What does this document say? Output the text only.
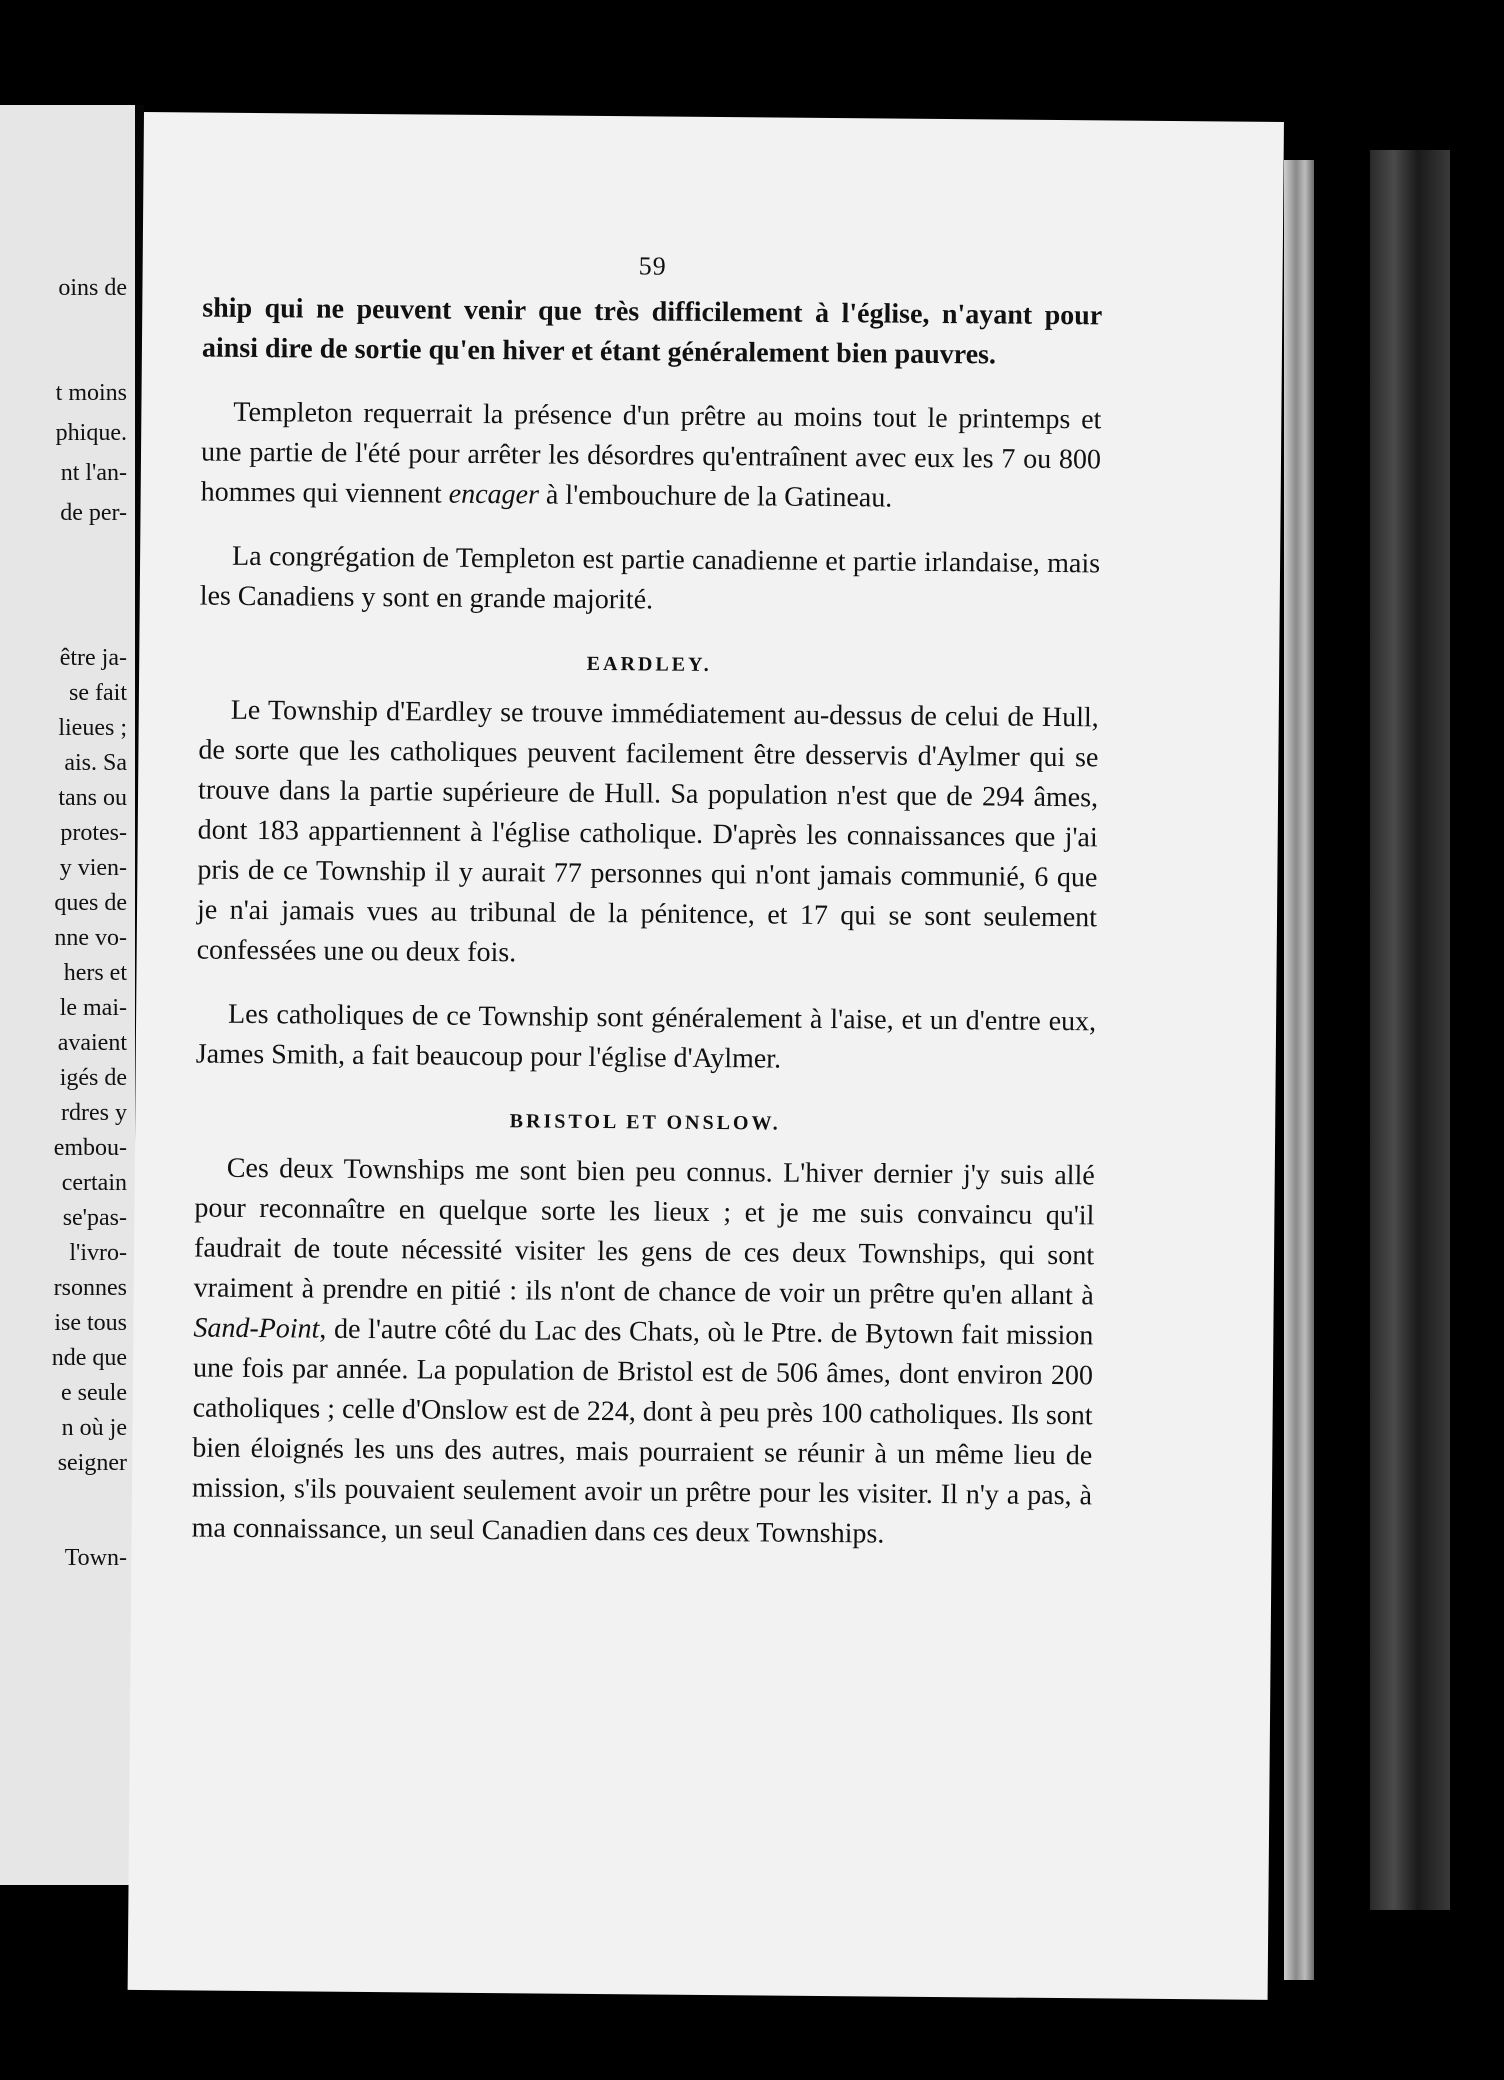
oins de
t moins
phique.
nt l'an-
de per-
être ja-
se fait
lieues ;
ais. Sa
tans ou
protes-
y vien-
ques de
nne vo-
hers et
le mai-
avaient
igés de
rdres y
embou-
certain
se'pas-
l'ivro-
rsonnes
ise tous
nde que
e seule
n où je
seigner
Town-
59

ship qui ne peuvent venir que très difficilement à l'église, n'ayant pour ainsi dire de sortie qu'en hiver et étant généralement bien pauvres.

Templeton requerrait la présence d'un prêtre au moins tout le printemps et une partie de l'été pour arrêter les désordres qu'entraînent avec eux les 7 ou 800 hommes qui viennent encager à l'embouchure de la Gatineau.

La congrégation de Templeton est partie canadienne et partie irlandaise, mais les Canadiens y sont en grande majorité.

EARDLEY.

Le Township d'Eardley se trouve immédiatement au-dessus de celui de Hull, de sorte que les catholiques peuvent facilement être desservis d'Aylmer qui se trouve dans la partie supérieure de Hull. Sa population n'est que de 294 âmes, dont 183 appartiennent à l'église catholique. D'après les connaissances que j'ai pris de ce Township il y aurait 77 personnes qui n'ont jamais communié, 6 que je n'ai jamais vues au tribunal de la pénitence, et 17 qui se sont seulement confessées une ou deux fois.

Les catholiques de ce Township sont généralement à l'aise, et un d'entre eux, James Smith, a fait beaucoup pour l'église d'Aylmer.

BRISTOL ET ONSLOW.

Ces deux Townships me sont bien peu connus. L'hiver dernier j'y suis allé pour reconnaître en quelque sorte les lieux ; et je me suis convaincu qu'il faudrait de toute nécessité visiter les gens de ces deux Townships, qui sont vraiment à prendre en pitié : ils n'ont de chance de voir un prêtre qu'en allant à Sand-Point, de l'autre côté du Lac des Chats, où le Ptre. de Bytown fait mission une fois par année. La population de Bristol est de 506 âmes, dont environ 200 catholiques ; celle d'Onslow est de 224, dont à peu près 100 catholiques. Ils sont bien éloignés les uns des autres, mais pourraient se réunir à un même lieu de mission, s'ils pouvaient seulement avoir un prêtre pour les visiter. Il n'y a pas, à ma connaissance, un seul Canadien dans ces deux Townships.
